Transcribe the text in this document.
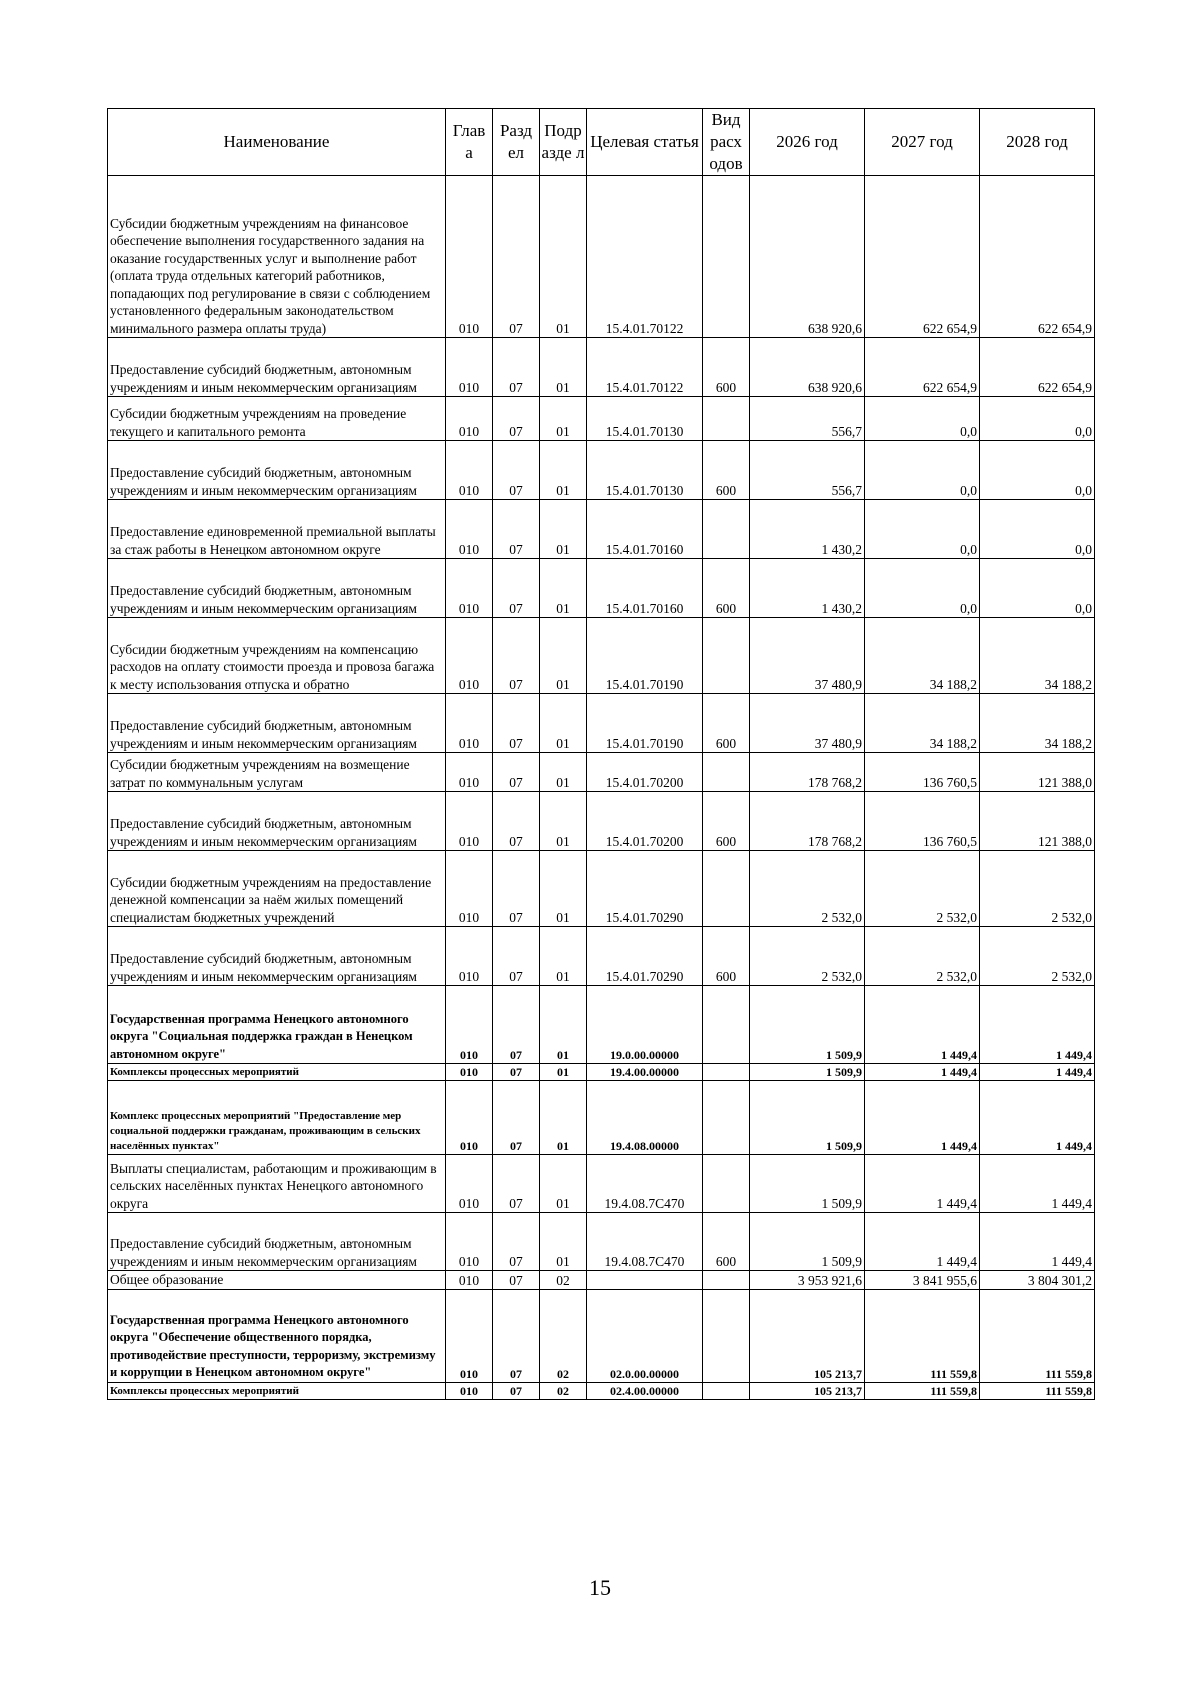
Наименование	Глав а	Разд ел	Подр азде л	Целевая статья	Вид расх одов	2026 год	2027 год	2028 год
Субсидии бюджетным учреждениям на финансовое обеспечение выполнения государственного задания на оказание государственных услуг и выполнение работ (оплата труда отдельных категорий работников, попадающих под регулирование в связи с соблюдением установленного федеральным законодательством минимального размера оплаты труда)	010	07	01	15.4.01.70122		638 920,6	622 654,9	622 654,9
Предоставление субсидий бюджетным, автономным учреждениям и иным некоммерческим организациям	010	07	01	15.4.01.70122	600	638 920,6	622 654,9	622 654,9
Субсидии бюджетным учреждениям на проведение текущего и капитального ремонта	010	07	01	15.4.01.70130		556,7	0,0	0,0
Предоставление субсидий бюджетным, автономным учреждениям и иным некоммерческим организациям	010	07	01	15.4.01.70130	600	556,7	0,0	0,0
Предоставление единовременной премиальной выплаты за стаж работы в Ненецком автономном округе	010	07	01	15.4.01.70160		1 430,2	0,0	0,0
Предоставление субсидий бюджетным, автономным учреждениям и иным некоммерческим организациям	010	07	01	15.4.01.70160	600	1 430,2	0,0	0,0
Субсидии бюджетным учреждениям на компенсацию расходов на оплату стоимости проезда и провоза багажа к месту использования отпуска и обратно	010	07	01	15.4.01.70190		37 480,9	34 188,2	34 188,2
Предоставление субсидий бюджетным, автономным учреждениям и иным некоммерческим организациям	010	07	01	15.4.01.70190	600	37 480,9	34 188,2	34 188,2
Субсидии бюджетным учреждениям на возмещение затрат по коммунальным услугам	010	07	01	15.4.01.70200		178 768,2	136 760,5	121 388,0
Предоставление субсидий бюджетным, автономным учреждениям и иным некоммерческим организациям	010	07	01	15.4.01.70200	600	178 768,2	136 760,5	121 388,0
Субсидии бюджетным учреждениям на предоставление денежной компенсации за наём жилых помещений специалистам бюджетных учреждений	010	07	01	15.4.01.70290		2 532,0	2 532,0	2 532,0
Предоставление субсидий бюджетным, автономным учреждениям и иным некоммерческим организациям	010	07	01	15.4.01.70290	600	2 532,0	2 532,0	2 532,0
Государственная программа Ненецкого автономного округа "Социальная поддержка граждан в Ненецком автономном округе"	010	07	01	19.0.00.00000		1 509,9	1 449,4	1 449,4
Комплексы процессных мероприятий	010	07	01	19.4.00.00000		1 509,9	1 449,4	1 449,4
Комплекс процессных мероприятий "Предоставление мер социальной поддержки гражданам, проживающим в сельских населённых пунктах"	010	07	01	19.4.08.00000		1 509,9	1 449,4	1 449,4
Выплаты специалистам, работающим и проживающим в сельских населённых пунктах Ненецкого автономного округа	010	07	01	19.4.08.7C470		1 509,9	1 449,4	1 449,4
Предоставление субсидий бюджетным, автономным учреждениям и иным некоммерческим организациям	010	07	01	19.4.08.7C470	600	1 509,9	1 449,4	1 449,4
Общее образование	010	07	02			3 953 921,6	3 841 955,6	3 804 301,2
Государственная программа Ненецкого автономного округа "Обеспечение общественного порядка, противодействие преступности, терроризму, экстремизму и коррупции в Ненецком автономном округе"	010	07	02	02.0.00.00000		105 213,7	111 559,8	111 559,8
Комплексы процессных мероприятий	010	07	02	02.4.00.00000		105 213,7	111 559,8	111 559,8
15
